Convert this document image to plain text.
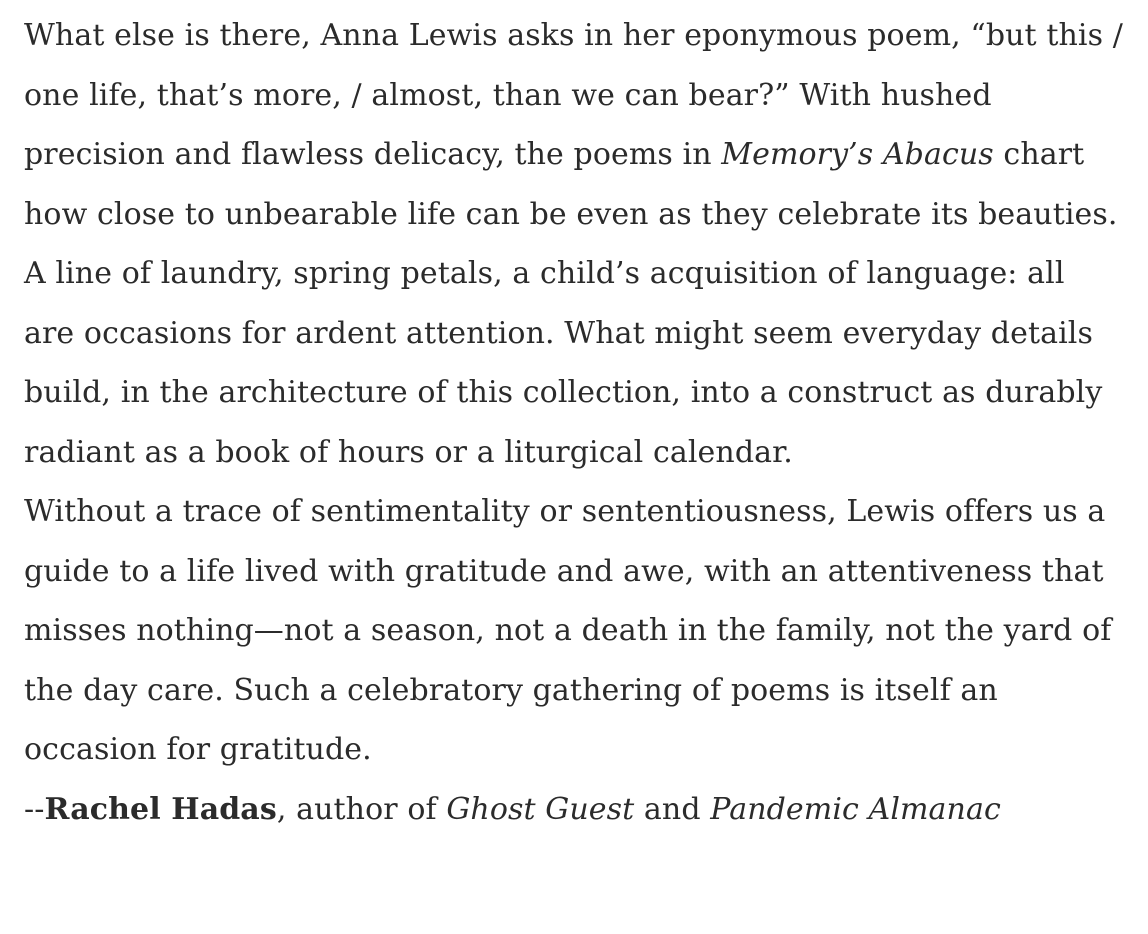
What else is there, Anna Lewis asks in her eponymous poem, “but this / one life, that’s more, / almost, than we can bear?” With hushed precision and flawless delicacy, the poems in Memory’s Abacus chart how close to unbearable life can be even as they celebrate its beauties. A line of laundry, spring petals, a child’s acquisition of language: all are occasions for ardent attention. What might seem everyday details build, in the architecture of this collection, into a construct as durably radiant as a book of hours or a liturgical calendar.

Without a trace of sentimentality or sententiousness, Lewis offers us a guide to a life lived with gratitude and awe, with an attentiveness that misses nothing—not a season, not a death in the family, not the yard of the day care. Such a celebratory gathering of poems is itself an occasion for gratitude.

--Rachel Hadas, author of Ghost Guest and Pandemic Almanac
